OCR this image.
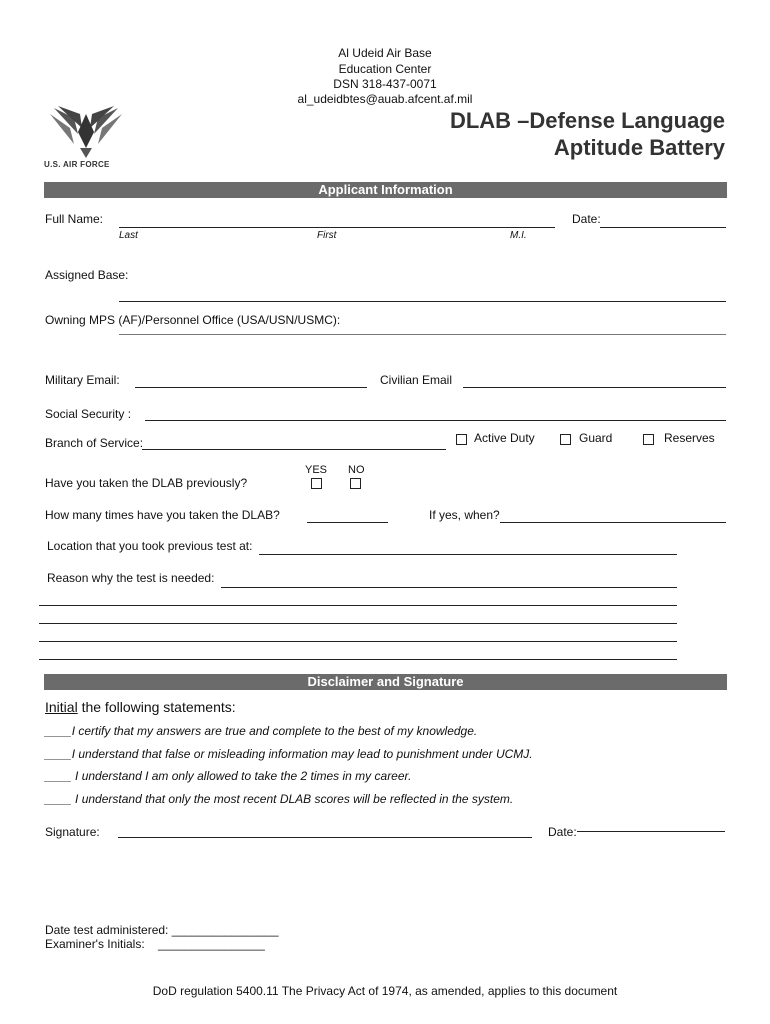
Al Udeid Air Base
Education Center
DSN 318-437-0071
al_udeidbtes@auab.afcent.af.mil
U.S. AIR FORCE
DLAB –Defense Language
Aptitude Battery
Applicant Information
Full Name:	Date:
Last	First	M.I.
Assigned Base:
Owning MPS (AF)/Personnel Office (USA/USN/USMC):
Military Email:	Civilian Email
Social Security :
Branch of Service:	Active Duty	Guard	Reserves
YES NO
Have you taken the DLAB previously?
How many times have you taken the DLAB?	If yes, when?
Location that you took previous test at:
Reason why the test is needed:
Disclaimer and Signature
Initial the following statements:
____I certify that my answers are true and complete to the best of my knowledge.
____I understand that false or misleading information may lead to punishment under UCMJ.
____ I understand I am only allowed to take the 2 times in my career.
____ I understand that only the most recent DLAB scores will be reflected in the system.
Signature:	Date:
Date test administered: ________________
Examiner's Initials:    ________________
DoD regulation 5400.11 The Privacy Act of 1974, as amended, applies to this document
